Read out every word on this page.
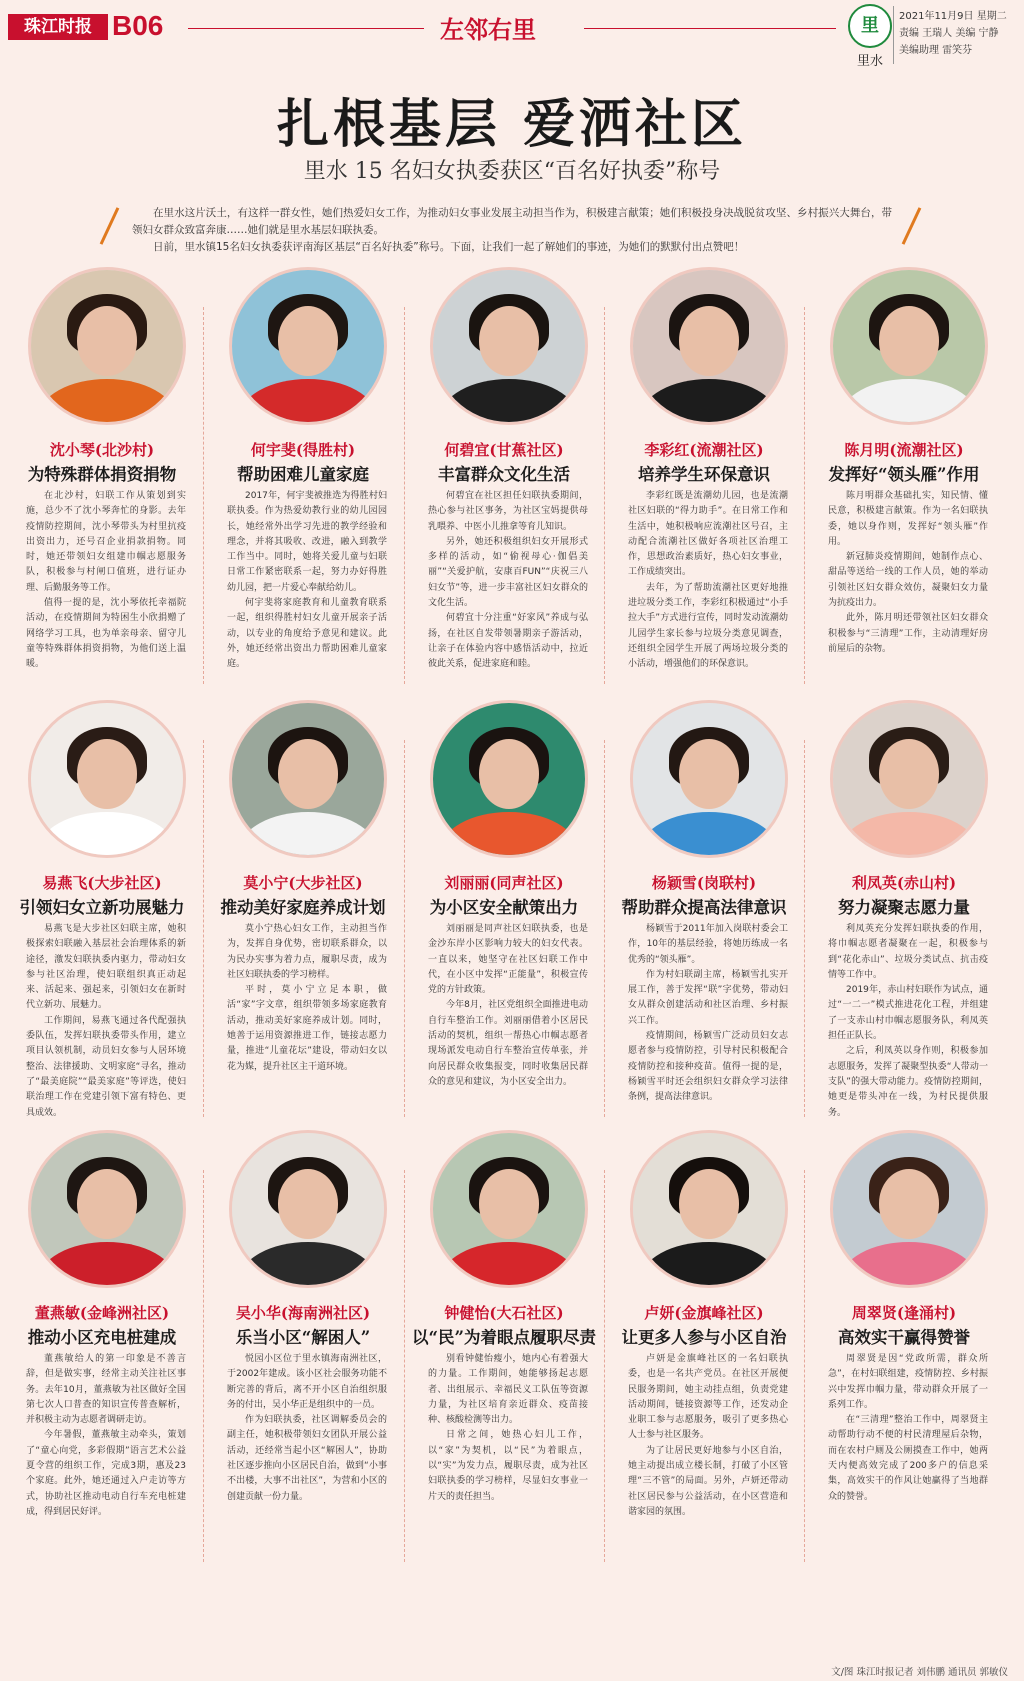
珠江时报 B06	左邻右里	里
里水
2021年11月9日 星期二
责编 王瑞人 美编 宁静
美编助理 雷笑芬
扎根基层 爱洒社区
里水 15 名妇女执委获区“百名好执委”称号

在里水这片沃土，有这样一群女性，她们热爱妇女工作，为推动妇女事业发展主动担当作为，积极建言献策；她们积极投身决战脱贫攻坚、乡村振兴大舞台，带领妇女群众致富奔康……她们就是里水基层妇联执委。

日前，里水镇15名妇女执委获评南海区基层“百名好执委”称号。下面，让我们一起了解她们的事迹，为她们的默默付出点赞吧！

沈小琴(北沙村)
为特殊群体捐资捐物

在北沙村，妇联工作从策划到实施，总少不了沈小琴奔忙的身影。去年疫情防控期间，沈小琴带头为村里抗疫出资出力，还号召企业捐款捐物。同时，她还带领妇女组建巾帼志愿服务队，积极参与村闸口值班，进行证办理、后勤服务等工作。

值得一提的是，沈小琴依托幸福院活动，在疫情期间为特困生小欣捐赠了网络学习工具，也为单亲母亲、留守儿童等特殊群体捐资捐物，为他们送上温暖。

何宇斐(得胜村)
帮助困难儿童家庭

2017年，何宇斐被推选为得胜村妇联执委。作为热爱幼教行业的幼儿园园长，她经常外出学习先进的教学经验和理念，并将其吸收、改进，融入到教学工作当中。同时，她将关爱儿童与妇联日常工作紧密联系一起，努力办好得胜幼儿园，把一片爱心奉献给幼儿。

何宇斐将家庭教育和儿童教育联系一起，组织得胜村妇女儿童开展亲子活动，以专业的角度给予意见和建议。此外，她还经常出资出力帮助困难儿童家庭。

何碧宜(甘蕉社区)
丰富群众文化生活

何碧宜在社区担任妇联执委期间，热心参与社区事务，为社区宝妈提供母乳喂养、中医小儿推拿等育儿知识。

另外，她还积极组织妇女开展形式多样的活动，如“偷视母心·伽倡美丽”“关爱护航，安康百FUN”“庆祝三八妇女节”等，进一步丰富社区妇女群众的文化生活。

何碧宜十分注重“好家风”养成与弘扬，在社区自发带领暑期亲子游活动，让亲子在体验内容中感悟活动中，拉近彼此关系，促进家庭和睦。

李彩红(流潮社区)
培养学生环保意识

李彩红既是流潮幼儿园，也是流潮社区妇联的“得力助手”。在日常工作和生活中，她积极响应流潮社区号召，主动配合流潮社区做好各项社区治理工作，思想政治素质好，热心妇女事业，工作成绩突出。

去年，为了帮助流潮社区更好地推进垃圾分类工作，李彩红积极通过“小手拉大手”方式进行宣传，同时发动流潮幼儿园学生家长参与垃圾分类意见调查，还组织全园学生开展了两场垃圾分类的小活动，增强他们的环保意识。

陈月明(流潮社区)
发挥好“领头雁”作用

陈月明群众基础扎实，知民情、懂民意，积极建言献策。作为一名妇联执委，她以身作则，发挥好“领头雁”作用。

新冠肺炎疫情期间，她制作点心、甜品等送给一线的工作人员，她的举动引领社区妇女群众效仿，凝聚妇女力量为抗疫出力。

此外，陈月明还带领社区妇女群众积极参与“三清理”工作，主动清理好房前屋后的杂物。

易燕飞(大步社区)
引领妇女立新功展魅力

易燕飞是大步社区妇联主席，她积极探索妇联融入基层社会治理体系的新途径，激发妇联执委内驱力，带动妇女参与社区治理，使妇联组织真正动起来、活起来、强起来，引领妇女在新时代立新功、展魅力。

工作期间，易燕飞通过各代配强执委队伍，发挥妇联执委带头作用，建立项目认领机制，动员妇女参与人居环境整治、法律援助、文明家庭“寻名，推动了“最美庭院”“最美家庭”等评选，使妇联治理工作在党建引领下富有特色、更具成效。

莫小宁(大步社区)
推动美好家庭养成计划

莫小宁热心妇女工作，主动担当作为，发挥自身优势，密切联系群众，以为民办实事为着力点，履职尽责，成为社区妇联执委的学习榜样。

平时，莫小宁立足本职，做活“家”字文章，组织带领多场家庭教育活动，推动美好家庭养成计划。同时，她善于运用资源推进工作，链接志愿力量，推进“儿童花坛”建设，带动妇女以花为媒，提升社区主干道环境。

刘丽丽(同声社区)
为小区安全献策出力

刘丽丽是同声社区妇联执委，也是金沙东岸小区影响力较大的妇女代表。一直以来，她坚守在社区妇联工作中代，在小区中发挥“正能量”，积极宣传党的方针政策。

今年8月，社区党组织全面推进电动自行车整治工作。刘丽丽借着小区居民活动的契机，组织一帮热心巾帼志愿者现场派发电动自行车整治宣传单张，并向居民群众收集报变，同时收集居民群众的意见和建议，为小区安全出力。

杨颖雪(岗联村)
帮助群众提高法律意识

杨颖雪于2011年加入岗联村委会工作，10年的基层经验，将她历练成一名优秀的“领头雁”。

作为村妇联副主席，杨颖雪扎实开展工作，善于发挥“联”字优势，带动妇女从群众创建活动和社区治理、乡村振兴工作。

疫情期间，杨颖雪广泛动员妇女志愿者参与疫情防控，引导村民积极配合疫情防控和接种疫苗。值得一提的是，杨颖雪平时还会组织妇女群众学习法律条例，提高法律意识。

利凤英(赤山村)
努力凝聚志愿力量

利凤英充分发挥妇联执委的作用，将巾帼志愿者凝聚在一起，积极参与到“花化赤山”、垃圾分类试点、抗击疫情等工作中。

2019年，赤山村妇联作为试点，通过“一二一”模式推进花化工程，并组建了一支赤山村巾帼志愿服务队，利凤英担任正队长。

之后，利凤英以身作则，积极参加志愿服务，发挥了凝聚型执委“人带动一支队”的强大带动能力。疫情防控期间，她更是带头冲在一线，为村民提供服务。

董燕敏(金峰洲社区)
推动小区充电桩建成

董燕敏给人的第一印象是不善言辞，但是做实事，经常主动关注社区事务。去年10月，董燕敏为社区做好全国第七次人口普查的知识宣传普查解析，并积极主动为志愿者调研走访。

今年暑假，董燕敏主动牵头，策划了“童心向党，多彩假期”语言艺术公益夏令营的组织工作，完成3期，惠及23个家庭。此外，她还通过入户走访等方式，协助社区推动电动自行车充电桩建成，得到居民好评。

吴小华(海南洲社区)
乐当小区“解困人”

悦园小区位于里水镇海南洲社区，于2002年建成。该小区社会服务功能不断完善的背后，离不开小区自治组织服务的付出，吴小华正是组织中的一员。

作为妇联执委，社区调解委员会的副主任，她积极带领妇女团队开展公益活动，还经常当起小区“解困人”，协助社区逐步推向小区居民自治，做到“小事不出楼，大事不出社区”，为营和小区的创建贡献一份力量。

钟健怡(大石社区)
以“民”为着眼点履职尽责

别看钟健怡瘦小，她内心有着强大的力量。工作期间，她能够扬起志愿者、出组展示、幸福民义工队伍等资源力量，为社区培育亲近群众、疫苗接种、核酸检测等出力。

日常之间，她热心妇儿工作，以“家”为契机，以“民”为着眼点，以“实”为发力点，履职尽责，成为社区妇联执委的学习榜样，尽显妇女事业一片天的责任担当。

卢妍(金旗峰社区)
让更多人参与小区自治

卢妍是金旗峰社区的一名妇联执委，也是一名共产党员。在社区开展便民服务期间，她主动挂点组，负责党建活动期间，链接资源等工作，还发动企业职工参与志愿服务，吸引了更多热心人士参与社区服务。

为了让居民更好地参与小区自治，她主动提出成立楼长制，打破了小区管理“三不管”的局面。另外，卢妍还带动社区居民参与公益活动，在小区营造和谐家园的氛围。

周翠贤(逢涌村)
高效实干赢得赞誉

周翠贤是因“党政所需，群众所急”，在村妇联组建，疫情防控、乡村振兴中发挥巾帼力量，带动群众开展了一系列工作。

在“三清理”整治工作中，周翠贤主动帮助行动不便的村民清理屋后杂物，而在农村户厕及公厕摸查工作中，她两天内便高效完成了200多户的信息采集，高效实干的作风让她赢得了当地群众的赞誉。

文/图 珠江时报记者 刘伟鹏 通讯员 郭敏仪
